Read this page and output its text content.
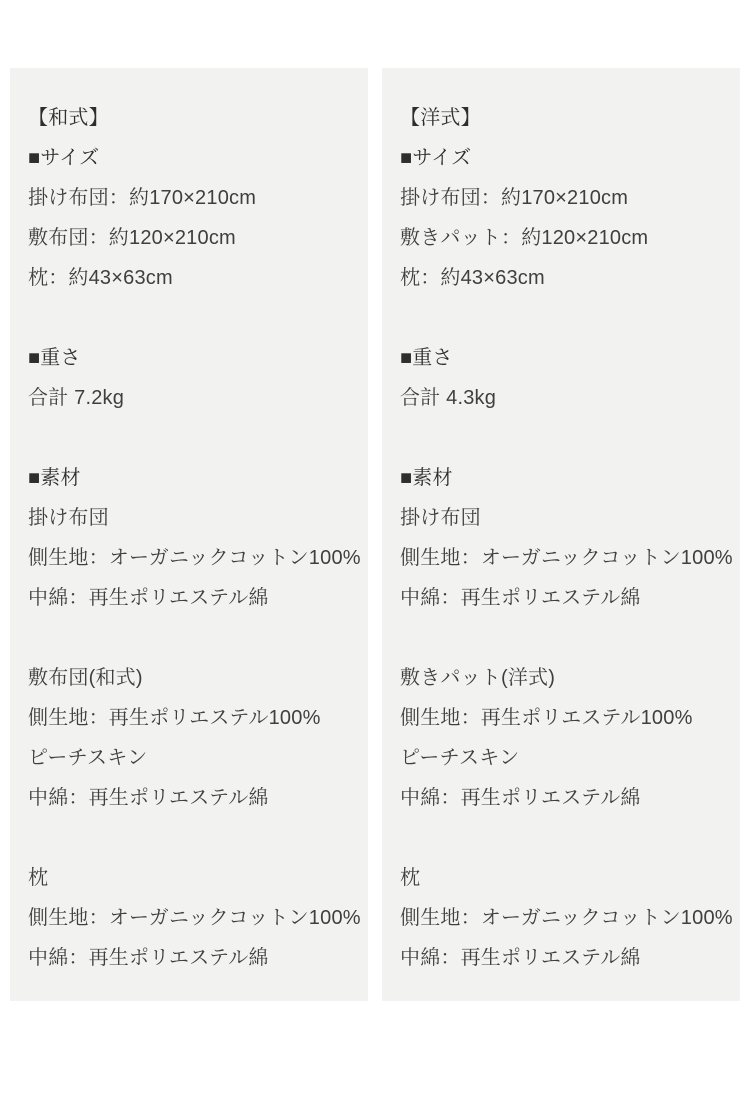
【和式】
■サイズ
掛け布団：約170×210cm
敷布団：約120×210cm
枕：約43×63cm
■重さ
合計 7.2kg
■素材
掛け布団
側生地：オーガニックコットン100%
中綿：再生ポリエステル綿
敷布団(和式)
側生地：再生ポリエステル100%
ピーチスキン
中綿：再生ポリエステル綿
枕
側生地：オーガニックコットン100%
中綿：再生ポリエステル綿
【洋式】
■サイズ
掛け布団：約170×210cm
敷きパット：約120×210cm
枕：約43×63cm
■重さ
合計 4.3kg
■素材
掛け布団
側生地：オーガニックコットン100%
中綿：再生ポリエステル綿
敷きパット(洋式)
側生地：再生ポリエステル100%
ピーチスキン
中綿：再生ポリエステル綿
枕
側生地：オーガニックコットン100%
中綿：再生ポリエステル綿
